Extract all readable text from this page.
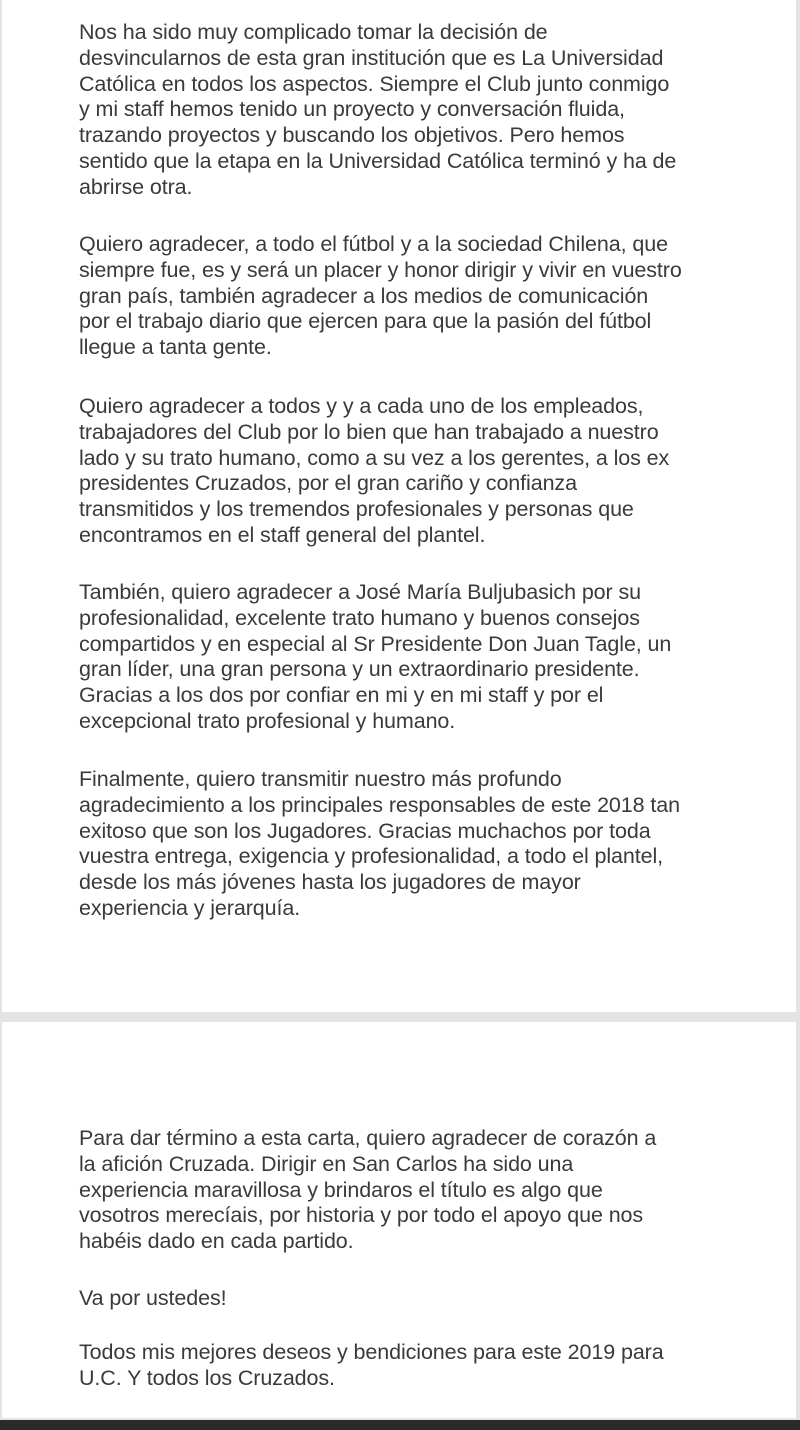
Nos ha sido muy complicado tomar la decisión de
desvincularnos de esta gran institución que es La Universidad
Católica en todos los aspectos. Siempre el Club junto conmigo
y mi staff hemos tenido un proyecto y conversación fluida,
trazando proyectos y buscando los objetivos. Pero hemos
sentido que la etapa en la Universidad Católica terminó y ha de
abrirse otra.

Quiero agradecer, a todo el fútbol y a la sociedad Chilena, que
siempre fue, es y será un placer y honor dirigir y vivir en vuestro
gran país, también agradecer a los medios de comunicación
por el trabajo diario que ejercen para que la pasión del fútbol
llegue a tanta gente.

Quiero agradecer a todos y y a cada uno de los empleados,
trabajadores del Club por lo bien que han trabajado a nuestro
lado y su trato humano, como a su vez a los gerentes, a los ex
presidentes Cruzados, por el gran cariño y confianza
transmitidos y los tremendos profesionales y personas que
encontramos en el staff general del plantel.

También, quiero agradecer a José María Buljubasich por su
profesionalidad, excelente trato humano y buenos consejos
compartidos y en especial al Sr Presidente Don Juan Tagle, un
gran líder, una gran persona y un extraordinario presidente.
Gracias a los dos por confiar en mi y en mi staff y por el
excepcional trato profesional y humano.

Finalmente, quiero transmitir nuestro más profundo
agradecimiento a los principales responsables de este 2018 tan
exitoso que son los Jugadores. Gracias muchachos por toda
vuestra entrega, exigencia y profesionalidad, a todo el plantel,
desde los más jóvenes hasta los jugadores de mayor
experiencia y jerarquía.

Para dar término a esta carta, quiero agradecer de corazón a
la afición Cruzada. Dirigir en San Carlos ha sido una
experiencia maravillosa y brindaros el título es algo que
vosotros merecíais, por historia y por todo el apoyo que nos
habéis dado en cada partido.

Va por ustedes!

Todos mis mejores deseos y bendiciones para este 2019 para
U.C. Y todos los Cruzados.
